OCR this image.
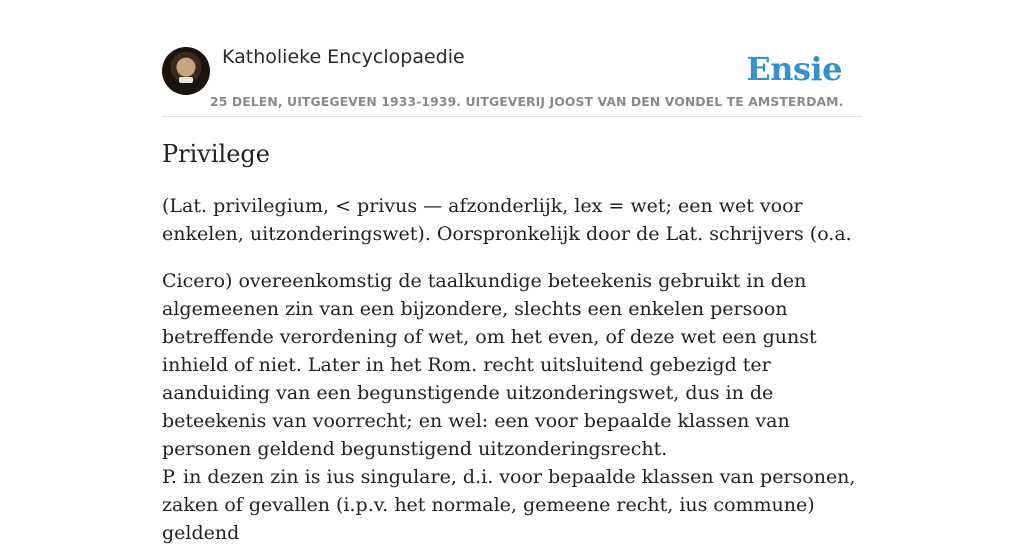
Katholieke Encyclopaedie
25 DELEN, UITGEGEVEN 1933-1939. UITGEVERIJ JOOST VAN DEN VONDEL TE AMSTERDAM.
Ensie
Privilege

(Lat. privilegium, < privus — afzonderlijk, lex = wet; een wet voor enkelen, uitzonderingswet). Oorspronkelijk door de Lat. schrijvers (o.a.

Cicero) overeenkomstig de taalkundige beteekenis gebruikt in den algemeenen zin van een bijzondere, slechts een enkelen persoon betreffende verordening of wet, om het even, of deze wet een gunst inhield of niet. Later in het Rom. recht uitsluitend gebezigd ter aanduiding van een begunstigende uitzonderingswet, dus in de beteekenis van voorrecht; en wel: een voor bepaalde klassen van personen geldend begunstigend uitzonderingsrecht.

P. in dezen zin is ius singulare, d.i. voor bepaalde klassen van personen, zaken of gevallen (i.p.v. het normale, gemeene recht, ius commune) geldend
